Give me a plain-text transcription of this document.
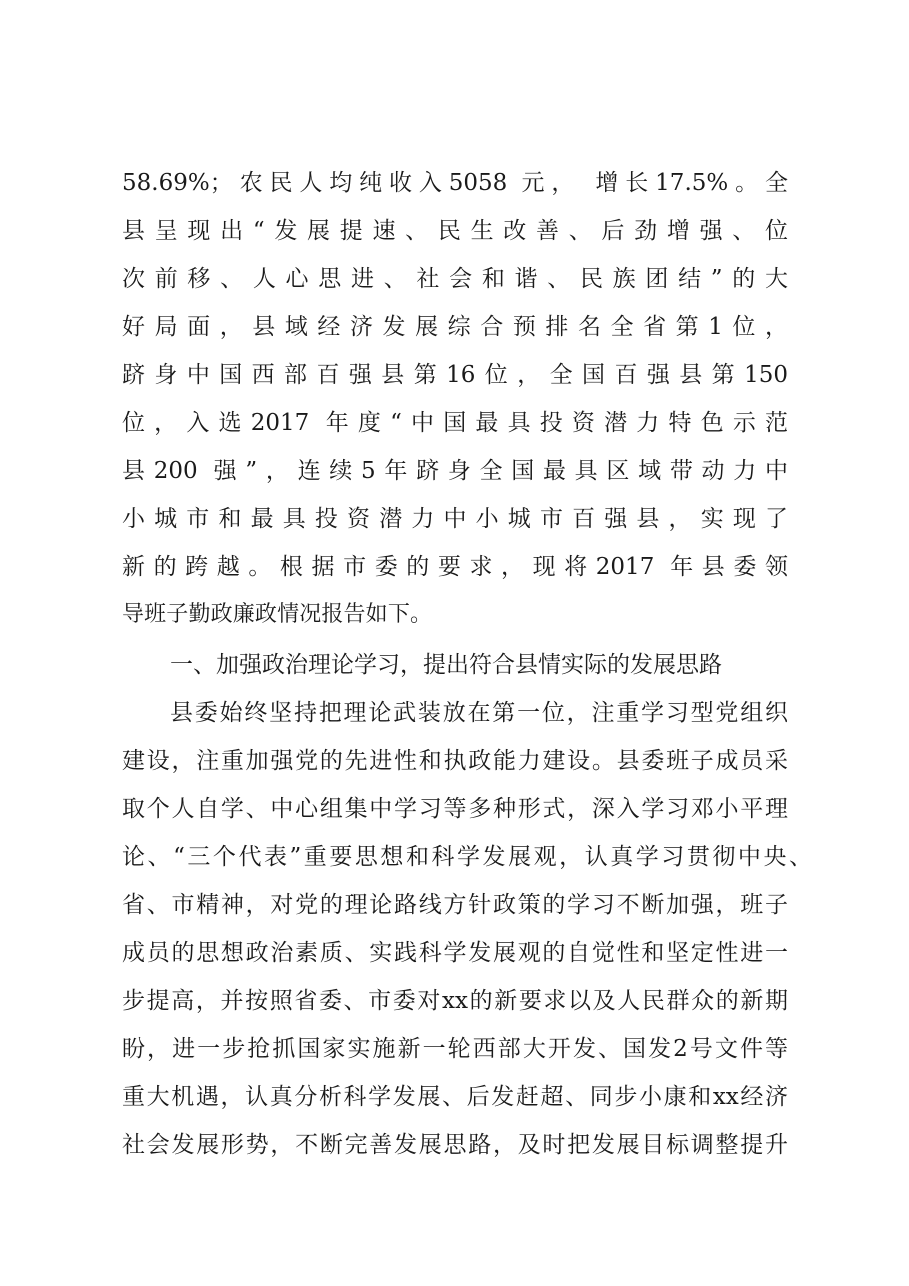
58.69%；农民人均纯收入5058 元， 增长17.5%。全
县呈现出“发展提速、民生改善、后劲增强、位
次前移、人心思进、社会和谐、民族团结”的大
好局面，县域经济发展综合预排名全省第1位，
跻身中国西部百强县第16位，全国百强县第150
位，入选2017 年度“中国最具投资潜力特色示范
县200 强”，连续5年跻身全国最具区域带动力中
小城市和最具投资潜力中小城市百强县，实现了
新的跨越。根据市委的要求，现将2017 年县委领
导班子勤政廉政情况报告如下。
一、加强政治理论学习，提出符合县情实际的发展思路
县委始终坚持把理论武装放在第一位，注重学习型党组织
建设，注重加强党的先进性和执政能力建设。县委班子成员采
取个人自学、中心组集中学习等多种形式，深入学习邓小平理
论、“三个代表”重要思想和科学发展观，认真学习贯彻中央、
省、市精神，对党的理论路线方针政策的学习不断加强，班子
成员的思想政治素质、实践科学发展观的自觉性和坚定性进一
步提高，并按照省委、市委对xx的新要求以及人民群众的新期
盼，进一步抢抓国家实施新一轮西部大开发、国发2号文件等
重大机遇，认真分析科学发展、后发赶超、同步小康和xx经济
社会发展形势，不断完善发展思路，及时把发展目标调整提升
